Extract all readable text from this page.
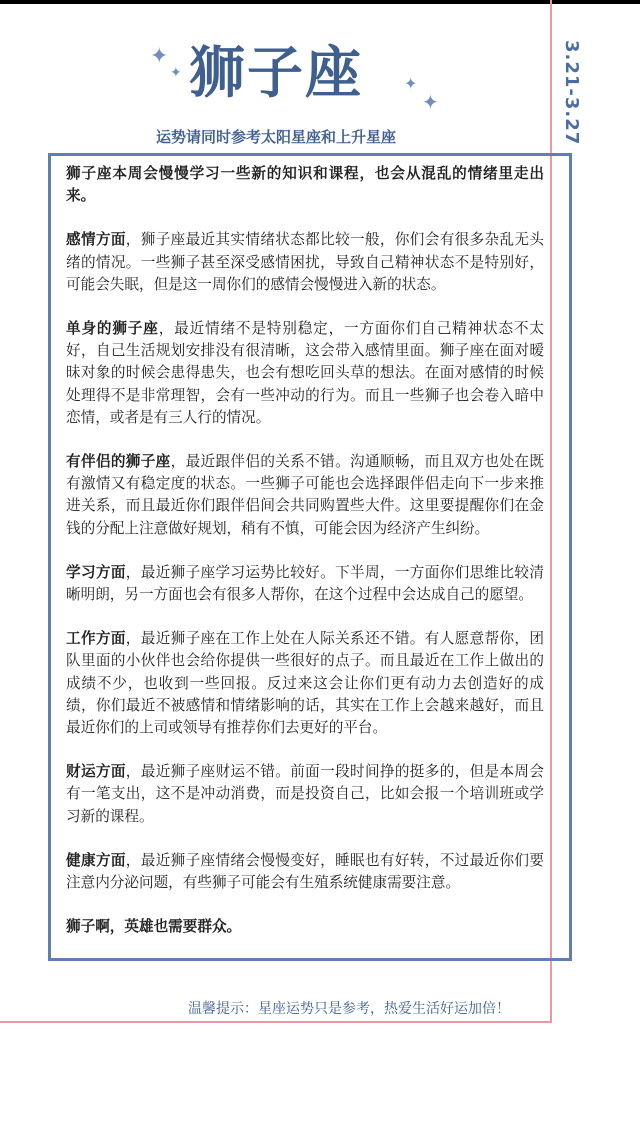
3.21-3.27
✦
✦
✦
✦
狮子座
运势请同时参考太阳星座和上升星座

狮子座本周会慢慢学习一些新的知识和课程，也会从混乱的情绪里走出来。

感情方面，狮子座最近其实情绪状态都比较一般，你们会有很多杂乱无头绪的情况。一些狮子甚至深受感情困扰，导致自己精神状态不是特别好，可能会失眠，但是这一周你们的感情会慢慢进入新的状态。

单身的狮子座，最近情绪不是特别稳定，一方面你们自己精神状态不太好，自己生活规划安排没有很清晰，这会带入感情里面。狮子座在面对暧昧对象的时候会患得患失，也会有想吃回头草的想法。在面对感情的时候处理得不是非常理智，会有一些冲动的行为。而且一些狮子也会卷入暗中恋情，或者是有三人行的情况。

有伴侣的狮子座，最近跟伴侣的关系不错。沟通顺畅，而且双方也处在既有激情又有稳定度的状态。一些狮子可能也会选择跟伴侣走向下一步来推进关系，而且最近你们跟伴侣间会共同购置些大件。这里要提醒你们在金钱的分配上注意做好规划，稍有不慎，可能会因为经济产生纠纷。

学习方面，最近狮子座学习运势比较好。下半周，一方面你们思维比较清晰明朗，另一方面也会有很多人帮你，在这个过程中会达成自己的愿望。

工作方面，最近狮子座在工作上处在人际关系还不错。有人愿意帮你，团队里面的小伙伴也会给你提供一些很好的点子。而且最近在工作上做出的成绩不少，也收到一些回报。反过来这会让你们更有动力去创造好的成绩，你们最近不被感情和情绪影响的话，其实在工作上会越来越好，而且最近你们的上司或领导有推荐你们去更好的平台。

财运方面，最近狮子座财运不错。前面一段时间挣的挺多的，但是本周会有一笔支出，这不是冲动消费，而是投资自己，比如会报一个培训班或学习新的课程。

健康方面，最近狮子座情绪会慢慢变好，睡眠也有好转，不过最近你们要注意内分泌问题，有些狮子可能会有生殖系统健康需要注意。

狮子啊，英雄也需要群众。

温馨提示：星座运势只是参考，热爱生活好运加倍！
